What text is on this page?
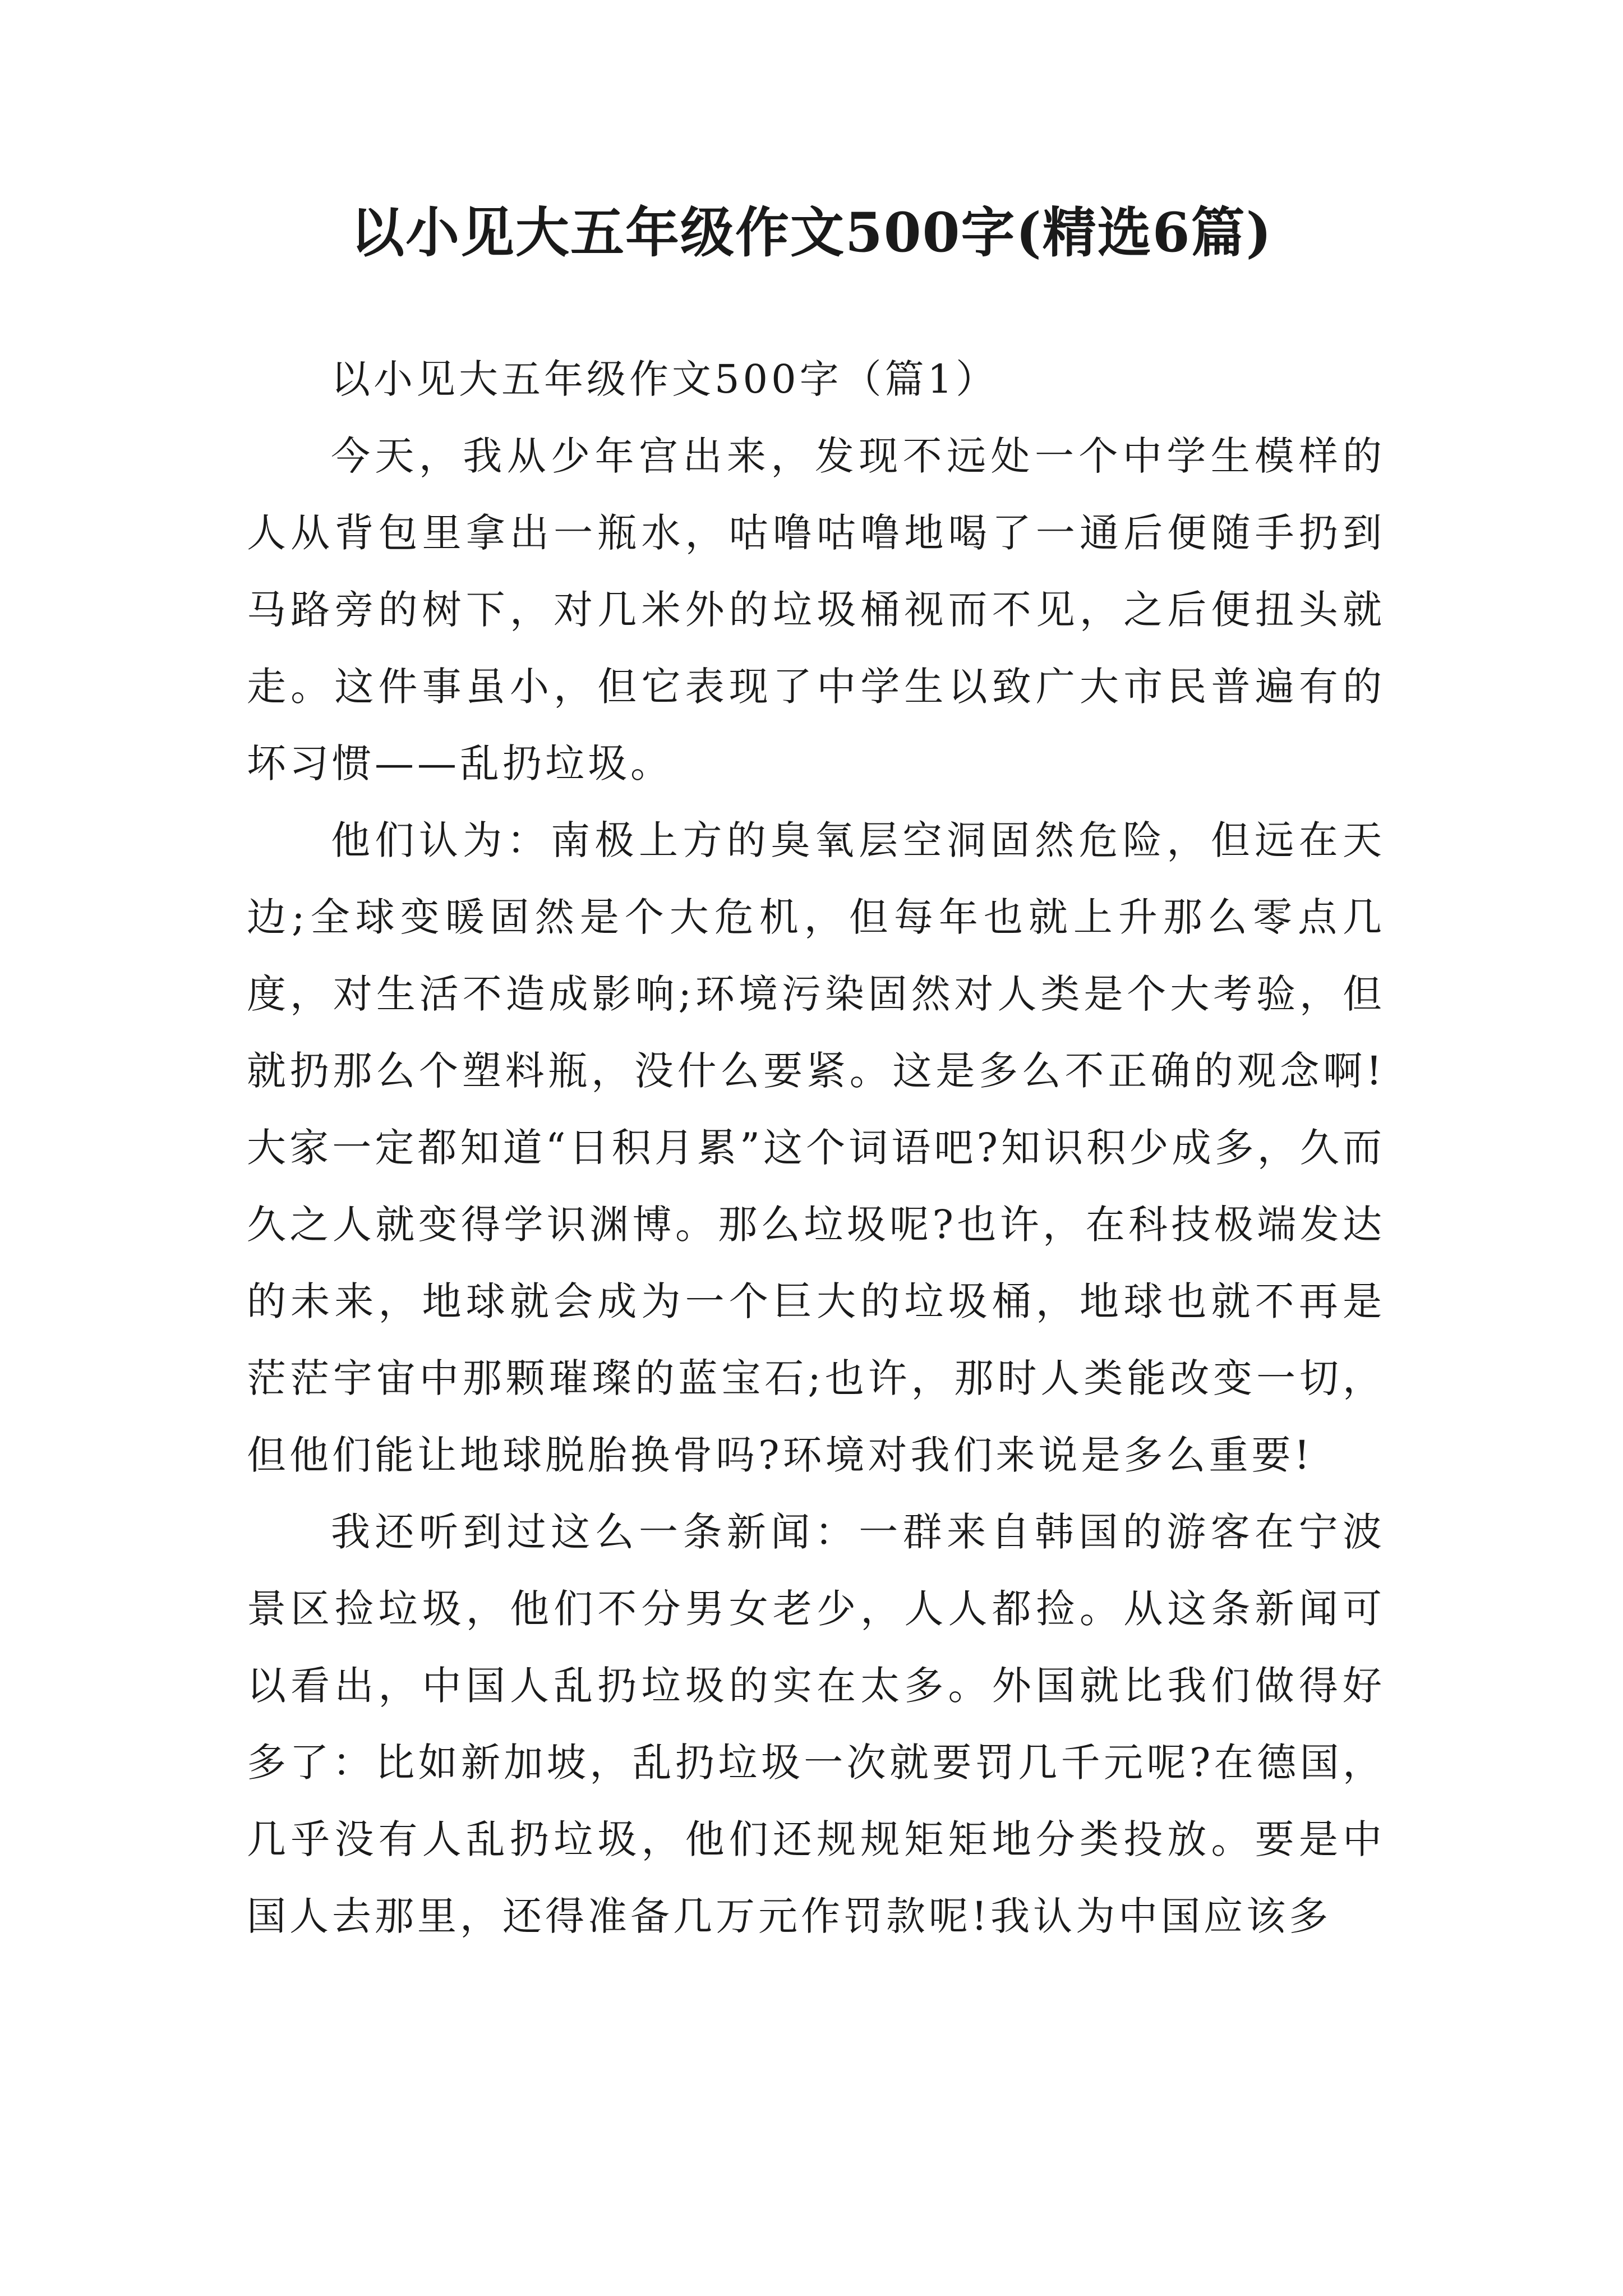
以小见大五年级作文500字(精选6篇)

以小见大五年级作文500字（篇1）

今天，我从少年宫出来，发现不远处一个中学生模样的人从背包里拿出一瓶水，咕噜咕噜地喝了一通后便随手扔到马路旁的树下，对几米外的垃圾桶视而不见，之后便扭头就走。这件事虽小，但它表现了中学生以致广大市民普遍有的坏习惯——乱扔垃圾。

他们认为：南极上方的臭氧层空洞固然危险，但远在天边;全球变暖固然是个大危机，但每年也就上升那么零点几度，对生活不造成影响;环境污染固然对人类是个大考验，但就扔那么个塑料瓶，没什么要紧。这是多么不正确的观念啊!大家一定都知道“日积月累”这个词语吧?知识积少成多，久而久之人就变得学识渊博。那么垃圾呢?也许，在科技极端发达的未来，地球就会成为一个巨大的垃圾桶，地球也就不再是茫茫宇宙中那颗璀璨的蓝宝石;也许，那时人类能改变一切，但他们能让地球脱胎换骨吗?环境对我们来说是多么重要!

我还听到过这么一条新闻：一群来自韩国的游客在宁波景区捡垃圾，他们不分男女老少，人人都捡。从这条新闻可以看出，中国人乱扔垃圾的实在太多。外国就比我们做得好多了：比如新加坡，乱扔垃圾一次就要罚几千元呢?在德国，几乎没有人乱扔垃圾，他们还规规矩矩地分类投放。要是中国人去那里，还得准备几万元作罚款呢!我认为中国应该多
